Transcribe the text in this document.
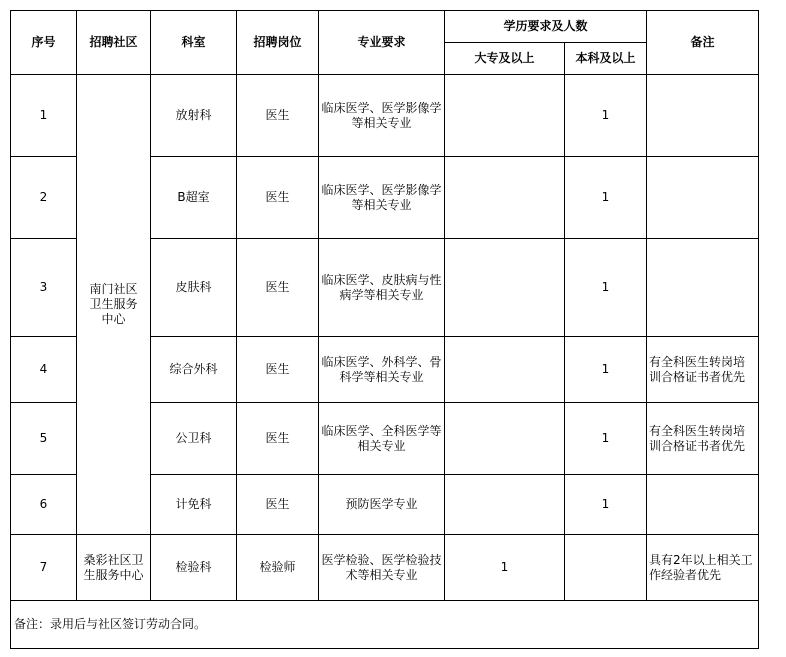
序号	招聘社区	科室	招聘岗位	专业要求	学历要求及人数		备注
					大专及以上	本科及以上	
1	南门社区卫生服务中心	放射科	医生	临床医学、医学影像学等相关专业		1	
2		B超室	医生	临床医学、医学影像学等相关专业		1	
3		皮肤科	医生	临床医学、皮肤病与性病学等相关专业		1	
4		综合外科	医生	临床医学、外科学、骨科学等相关专业		1	有全科医生转岗培训合格证书者优先
5		公卫科	医生	临床医学、全科医学等相关专业		1	有全科医生转岗培训合格证书者优先
6		计免科	医生	预防医学专业		1	
7	桑彩社区卫生服务中心	检验科	检验师	医学检验、医学检验技术等相关专业	1		具有2年以上相关工作经验者优先
备注：录用后与社区签订劳动合同。							
